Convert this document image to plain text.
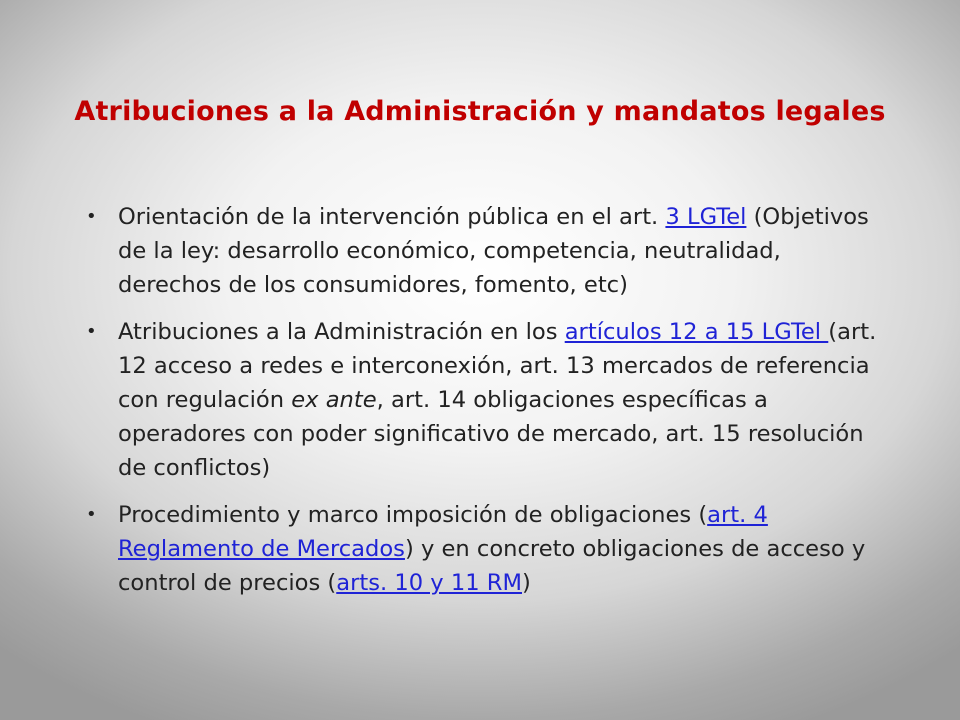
Atribuciones a la Administración y mandatos legales
• Orientación de la intervención pública en el art. 3 LGTel (Objetivos de la ley: desarrollo económico, competencia, neutralidad, derechos de los consumidores, fomento, etc)
• Atribuciones a la Administración en los artículos 12 a 15 LGTel (art. 12 acceso a redes e interconexión, art. 13 mercados de referencia con regulación ex ante, art. 14 obligaciones específicas a operadores con poder significativo de mercado, art. 15 resolución de conflictos)
• Procedimiento y marco imposición de obligaciones (art. 4 Reglamento de Mercados) y en concreto obligaciones de acceso y control de precios (arts. 10 y 11 RM)
